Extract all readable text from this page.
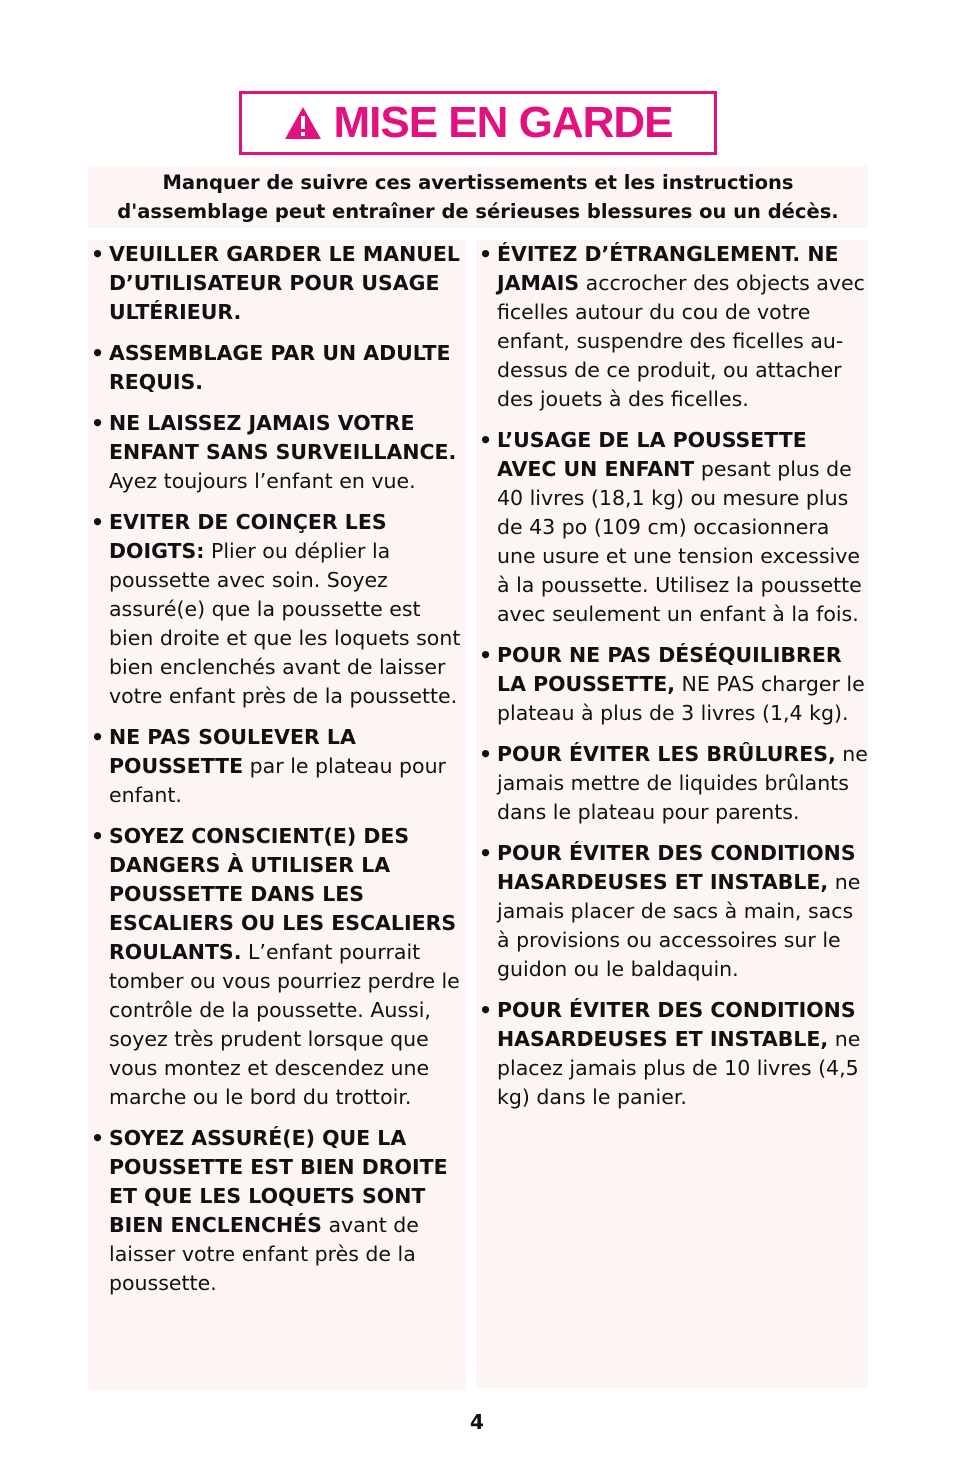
MISE EN GARDE
Manquer de suivre ces avertissements et les instructions d'assemblage peut entraîner de sérieuses blessures ou un décès.
• VEUILLER GARDER LE MANUEL D’UTILISATEUR POUR USAGE ULTÉRIEUR.
• ASSEMBLAGE PAR UN ADULTE REQUIS.
• NE LAISSEZ JAMAIS VOTRE ENFANT SANS SURVEILLANCE. Ayez toujours l’enfant en vue.
• EVITER DE COINÇER LES DOIGTS: Plier ou déplier la poussette avec soin. Soyez assuré(e) que la poussette est bien droite et que les loquets sont bien enclenchés avant de laisser votre enfant près de la poussette.
• NE PAS SOULEVER LA POUSSETTE par le plateau pour enfant.
• SOYEZ CONSCIENT(E) DES DANGERS À UTILISER LA POUSSETTE DANS LES ESCALIERS OU LES ESCALIERS ROULANTS. L’enfant pourrait tomber ou vous pourriez perdre le contrôle de la poussette. Aussi, soyez très prudent lorsque que vous montez et descendez une marche ou le bord du trottoir.
• SOYEZ ASSURÉ(E) QUE LA POUSSETTE EST BIEN DROITE ET QUE LES LOQUETS SONT BIEN ENCLENCHÉS avant de laisser votre enfant près de la poussette.
• ÉVITEZ D’ÉTRANGLEMENT. NE JAMAIS accrocher des objects avec ficelles autour du cou de votre enfant, suspendre des ficelles au-dessus de ce produit, ou attacher des jouets à des ficelles.
• L’USAGE DE LA POUSSETTE AVEC UN ENFANT pesant plus de 40 livres (18,1 kg) ou mesure plus de 43 po (109 cm) occasionnera une usure et une tension excessive à la poussette. Utilisez la poussette avec seulement un enfant à la fois.
• POUR NE PAS DÉSÉQUILIBRER LA POUSSETTE, NE PAS charger le plateau à plus de 3 livres (1,4 kg).
• POUR ÉVITER LES BRÛLURES, ne jamais mettre de liquides brûlants dans le plateau pour parents.
• POUR ÉVITER DES CONDITIONS HASARDEUSES ET INSTABLE, ne jamais placer de sacs à main, sacs à provisions ou accessoires sur le guidon ou le baldaquin.
• POUR ÉVITER DES CONDITIONS HASARDEUSES ET INSTABLE, ne placez jamais plus de 10 livres (4,5 kg) dans le panier.
4
